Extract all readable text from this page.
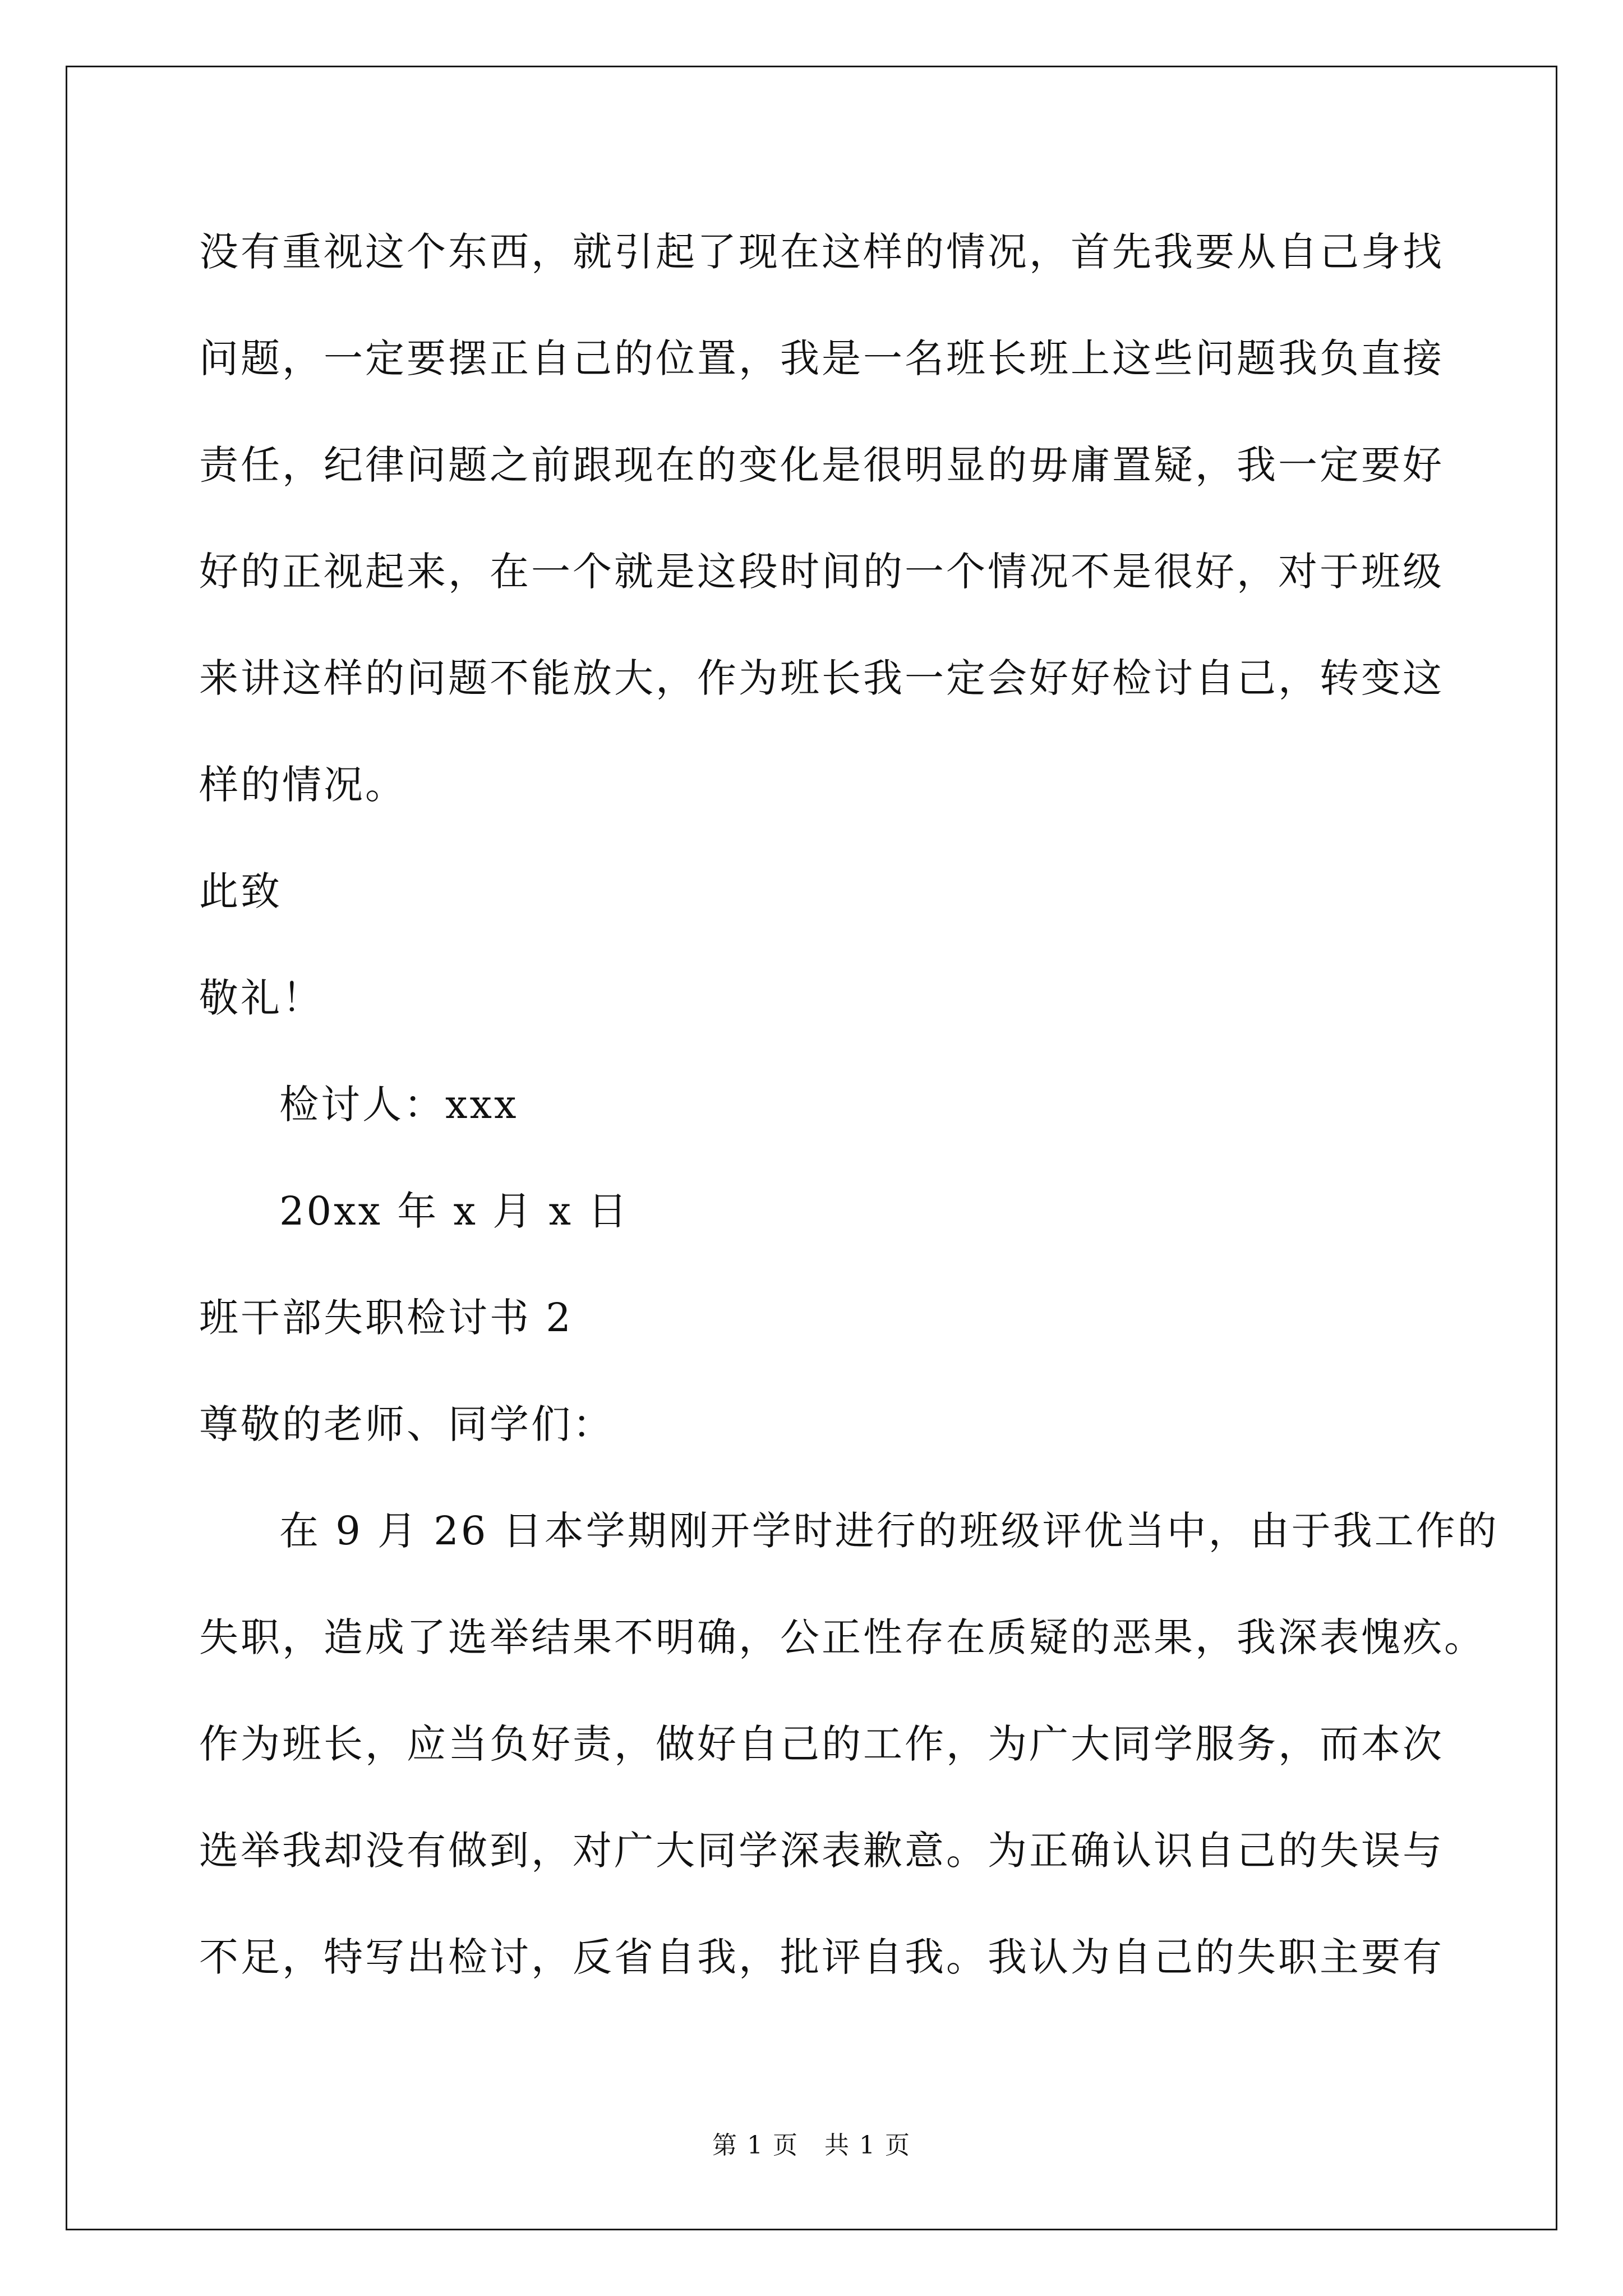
没有重视这个东西，就引起了现在这样的情况，首先我要从自己身找
问题，一定要摆正自己的位置，我是一名班长班上这些问题我负直接
责任，纪律问题之前跟现在的变化是很明显的毋庸置疑，我一定要好
好的正视起来，在一个就是这段时间的一个情况不是很好，对于班级
来讲这样的问题不能放大，作为班长我一定会好好检讨自己，转变这
样的情况。
此致
敬礼！
检讨人：xxx
20xx 年 x 月 x 日
班干部失职检讨书 2
尊敬的老师、同学们：
在 9 月 26 日本学期刚开学时进行的班级评优当中，由于我工作的
失职，造成了选举结果不明确，公正性存在质疑的恶果，我深表愧疚。
作为班长，应当负好责，做好自己的工作，为广大同学服务，而本次
选举我却没有做到，对广大同学深表歉意。为正确认识自己的失误与
不足，特写出检讨，反省自我，批评自我。我认为自己的失职主要有
第 1 页　共 1 页
